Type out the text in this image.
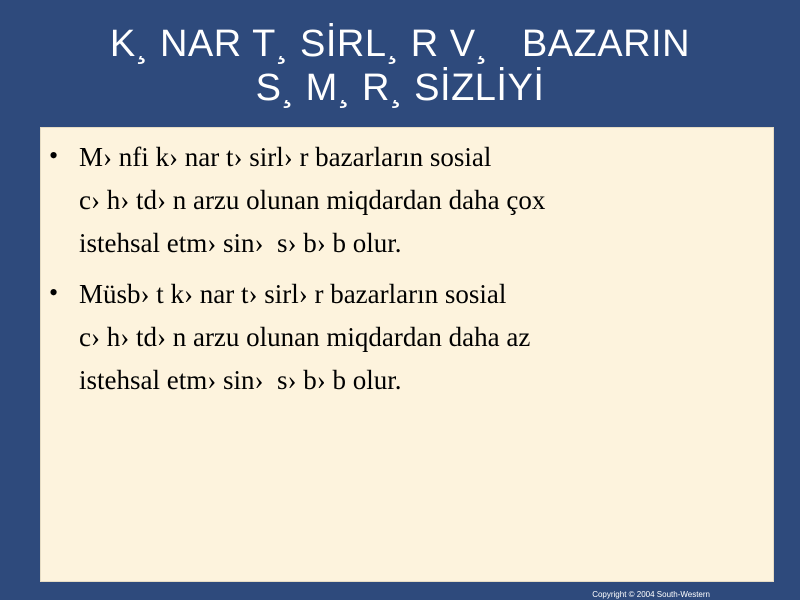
K¸ NAR T¸ SİRL¸ R V¸   BAZARIN
S¸ M¸ R¸ SİZLİYİ
• M› nfi k› nar t› sirl› r bazarların sosial
c› h› td› n arzu olunan miqdardan daha çox
istehsal etm› sin›  s› b› b olur.
• Müsb› t k› nar t› sirl› r bazarların sosial
c› h› td› n arzu olunan miqdardan daha az
istehsal etm› sin›  s› b› b olur.
Copyright © 2004 South-Western
